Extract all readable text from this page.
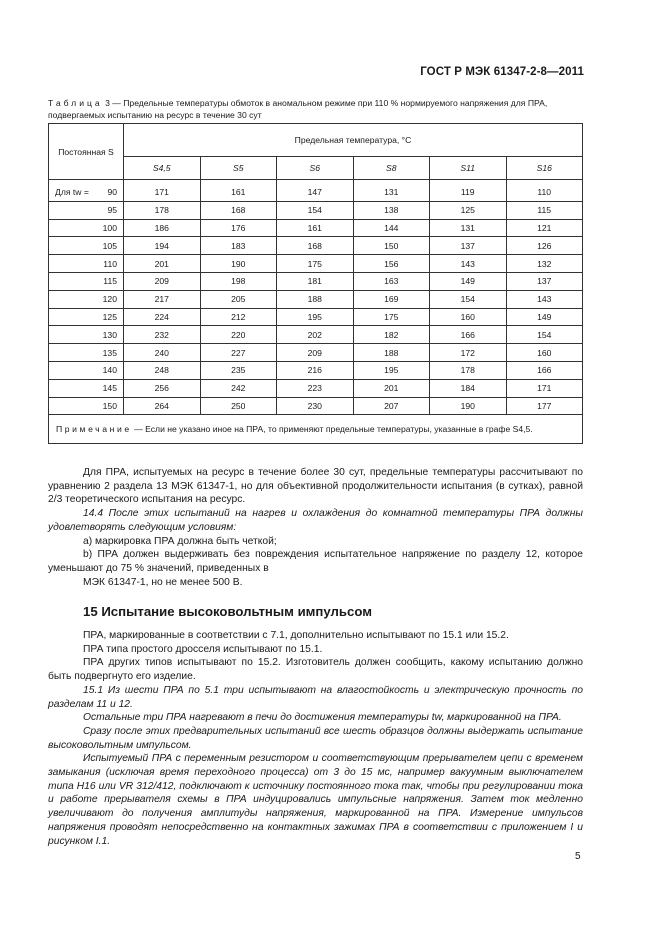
ГОСТ Р МЭК 61347-2-8—2011
Таблица 3 — Предельные температуры обмоток в аномальном режиме при 110 % нормируемого напряжения для ПРА, подвергаемых испытанию на ресурс в течение 30 сут
Постоянная S	Предельная температура, °C					
	S4,5	S5	S6	S8	S11	S16

Для tw = 90	171	161	147	131	119	110
95	178	168	154	138	125	115
100	186	176	161	144	131	121
105	194	183	168	150	137	126
110	201	190	175	156	143	132
115	209	198	181	163	149	137
120	217	205	188	169	154	143
125	224	212	195	175	160	149
130	232	220	202	182	166	154
135	240	227	209	188	172	160
140	248	235	216	195	178	166
145	256	242	223	201	184	171
150	264	250	230	207	190	177
Примечание — Если не указано иное на ПРА, то применяют предельные температуры, указанные в графе S4,5.						

Для ПРА, испытуемых на ресурс в течение более 30 сут, предельные температуры рассчитывают по уравнению 2 раздела 13 МЭК 61347-1, но для объективной продолжительности испытания (в сутках), равной 2/3 теоретического испытания на ресурс.

14.4 После этих испытаний на нагрев и охлаждения до комнатной температуры ПРА должны удовлетворять следующим условиям:

a) маркировка ПРА должна быть четкой;

b) ПРА должен выдерживать без повреждения испытательное напряжение по разделу 12, которое уменьшают до 75 % значений, приведенных в

МЭК 61347-1, но не менее 500 В.

15 Испытание высоковольтным импульсом

ПРА, маркированные в соответствии с 7.1, дополнительно испытывают по 15.1 или 15.2.

ПРА типа простого дросселя испытывают по 15.1.

ПРА других типов испытывают по 15.2. Изготовитель должен сообщить, какому испытанию должно быть подвергнуто его изделие.

15.1 Из шести ПРА по 5.1 три испытывают на влагостойкость и электрическую прочность по разделам 11 и 12.

Остальные три ПРА нагревают в печи до достижения температуры tw, маркированной на ПРА.

Сразу после этих предварительных испытаний все шесть образцов должны выдержать испытание высоковольтным импульсом.

Испытуемый ПРА с переменным резистором и соответствующим прерывателем цепи с временем замыкания (исключая время переходного процесса) от 3 до 15 мс, например вакуумным выключателем типа H16 или VR 312/412, подключают к источнику постоянного тока так, чтобы при регулировании тока и работе прерывателя схемы в ПРА индуцировались импульсные напряжения. Затем ток медленно увеличивают до получения амплитуды напряжения, маркированной на ПРА. Измерение импульсов напряжения проводят непосредственно на контактных зажимах ПРА в соответствии с приложением I и рисунком I.1.

5
